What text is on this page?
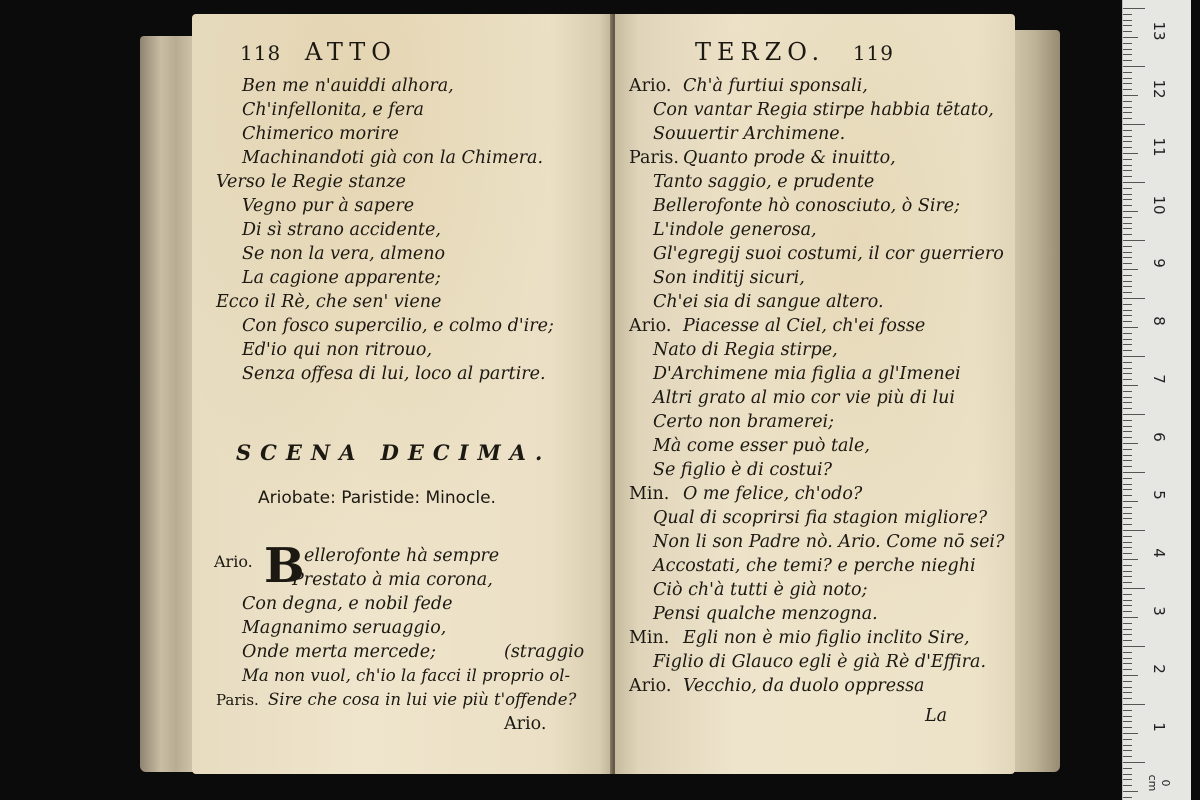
118 ATTO
Ben me n'auiddi alhora,
Ch'infellonita, e fera
Chimerico morire
Machinandoti già con la Chimera.
Verso le Regie stanze
Vegno pur à sapere
Di sì strano accidente,
Se non la vera, almeno
La cagione apparente;
Ecco il Rè, che sen' viene
Con fosco supercilio, e colmo d'ire;
Ed'io qui non ritrouo,
Senza offesa di lui, loco al partire.
SCENA DECIMA.
Ariobate: Paristide: Minocle.
Ario. B ellerofonte hà sempre
Prestato à mia corona,
Con degna, e nobil fede
Magnanimo seruaggio,
Onde merta mercede;	(straggio
Ma non vuol, ch'io la facci il proprio ol-
Paris. Sire che cosa in lui vie più t'offende?
Ario.
TERZO. 119
Ario. Ch'à furtiui sponsali,
Con vantar Regia stirpe habbia tētato,
Souuertir Archimene.
Paris. Quanto prode & inuitto,
Tanto saggio, e prudente
Bellerofonte hò conosciuto, ò Sire;
L'indole generosa,
Gl'egregij suoi costumi, il cor guerriero
Son inditij sicuri,
Ch'ei sia di sangue altero.
Ario. Piacesse al Ciel, ch'ei fosse
Nato di Regia stirpe,
D'Archimene mia figlia a gl'Imenei
Altri grato al mio cor vie più di lui
Certo non bramerei;
Mà come esser può tale,
Se figlio è di costui?
Min. O me felice, ch'odo?
Qual di scoprirsi fia stagion migliore?
Non li son Padre nò. Ario. Come nō sei?
Accostati, che temi? e perche nieghi
Ciò ch'à tutti è già noto;
Pensi qualche menzogna.
Min. Egli non è mio figlio inclito Sire,
Figlio di Glauco egli è già Rè d'Effira.
Ario. Vecchio, da duolo oppressa
La
13
12
11
10
9
8
7
6
5
4
3
2
1
0 cm
